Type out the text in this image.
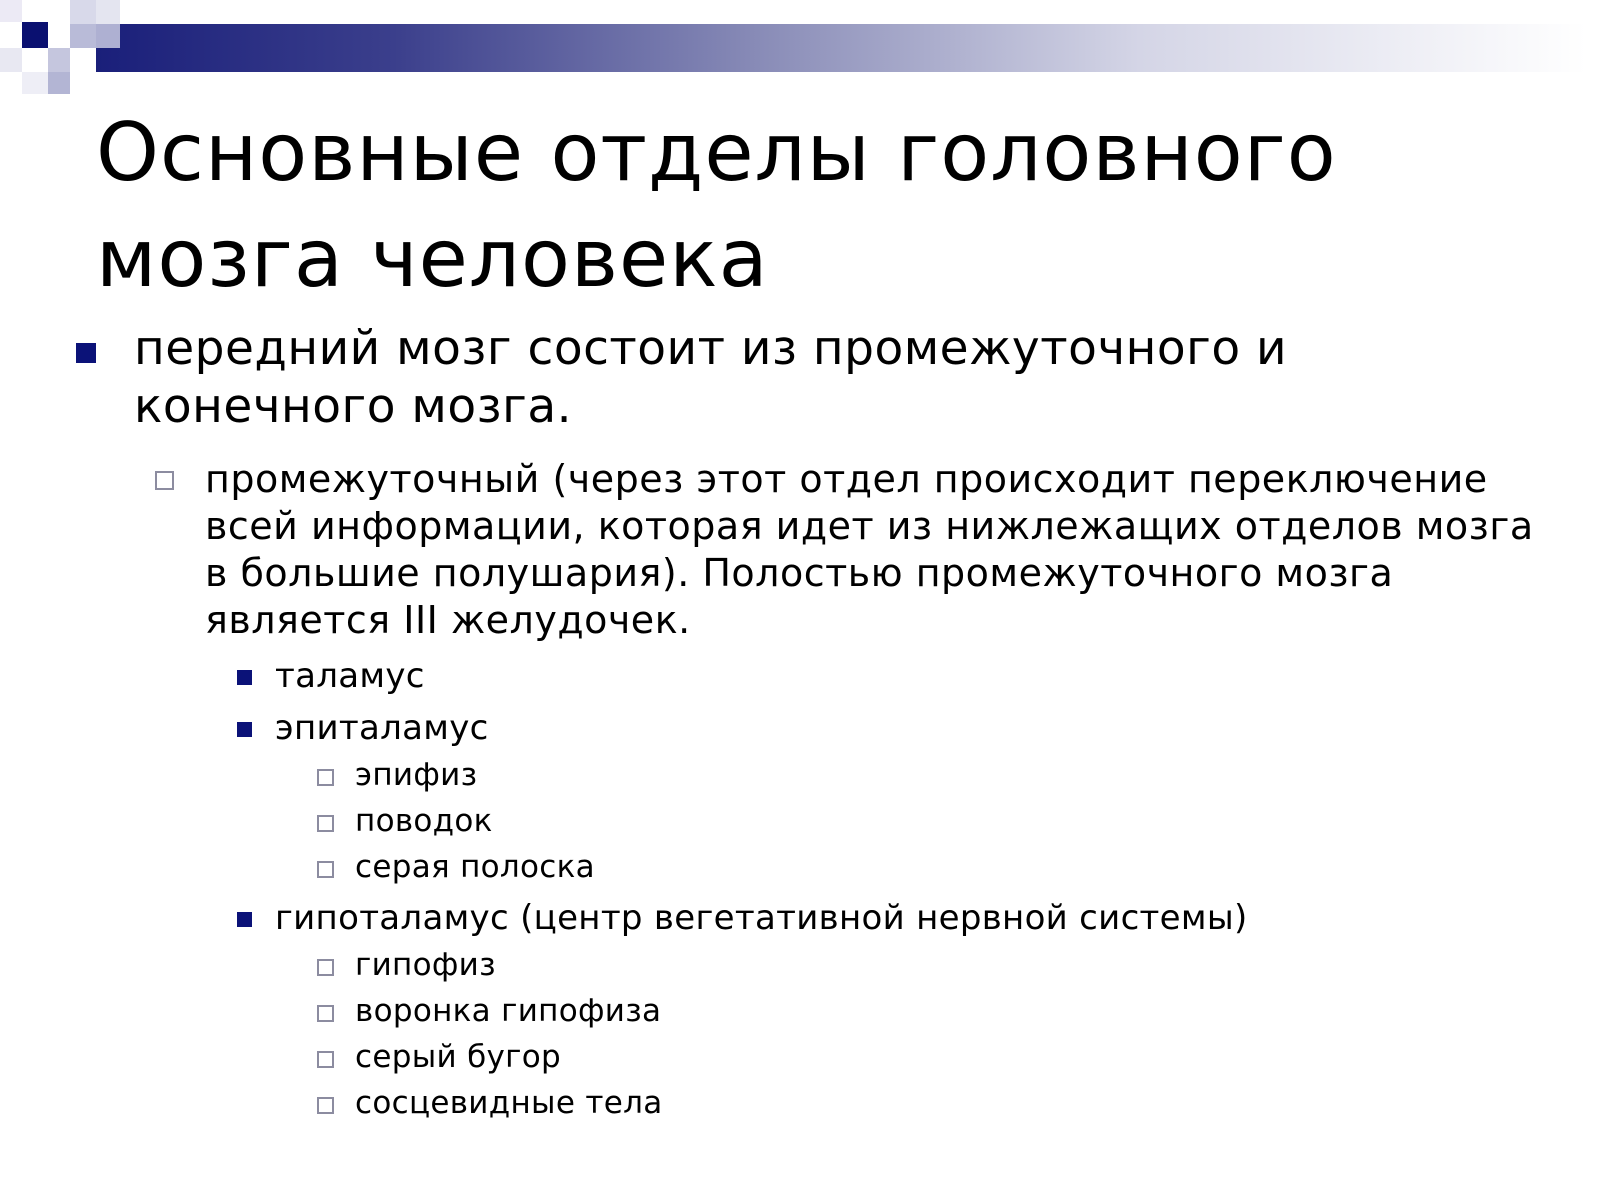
Основные отделы головного мозга человека
передний мозг состоит из промежуточного и конечного мозга.
промежуточный (через этот отдел происходит переключение всей информации, которая идет из нижлежащих отделов мозга в большие полушария). Полостью промежуточного мозга является III желудочек.
таламус
эпиталамус
эпифиз
поводок
серая полоска
гипоталамус (центр вегетативной нервной системы)
гипофиз
воронка гипофиза
серый бугор
сосцевидные тела
